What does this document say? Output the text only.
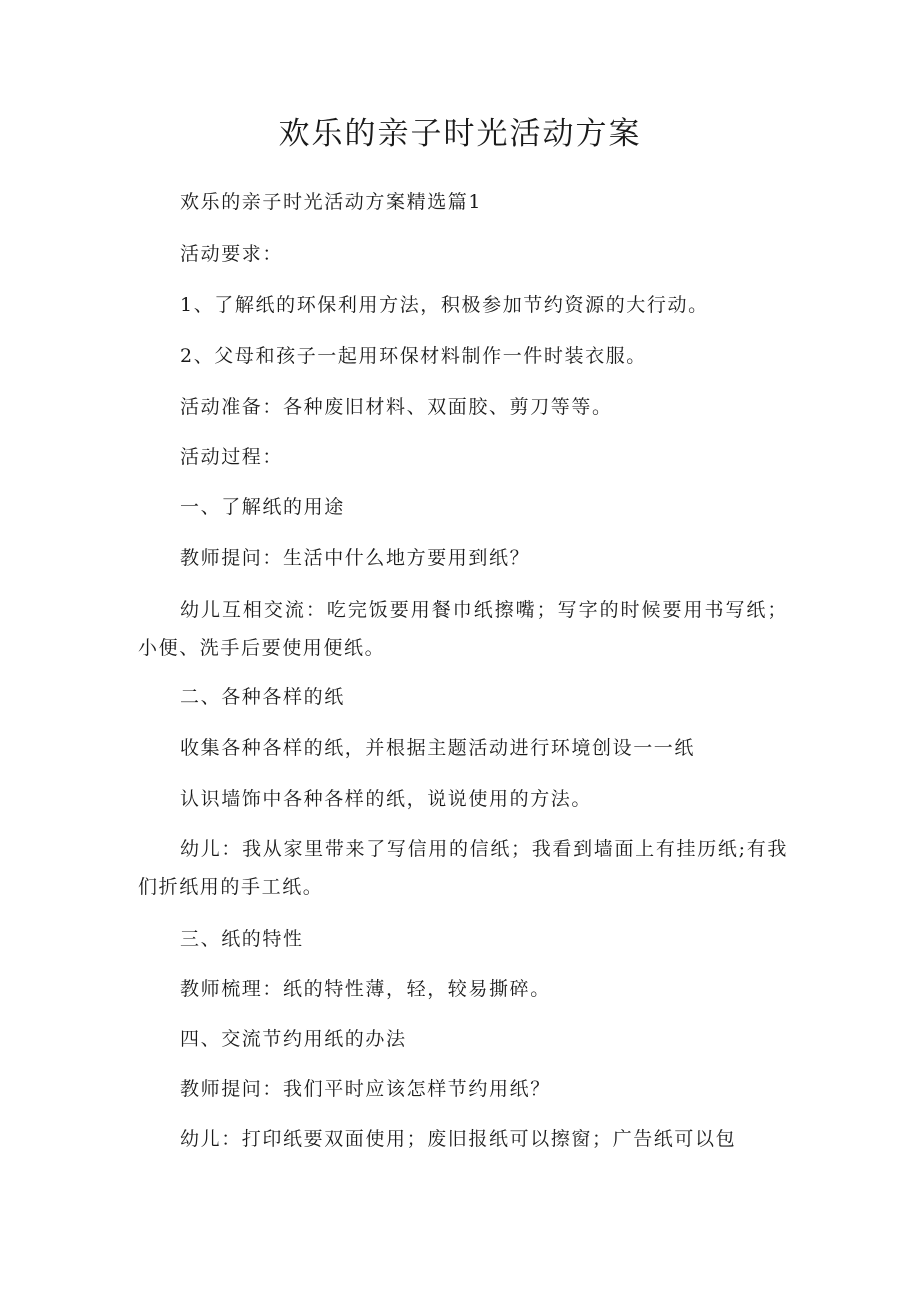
欢乐的亲子时光活动方案

欢乐的亲子时光活动方案精选篇1

活动要求：

1、了解纸的环保利用方法，积极参加节约资源的大行动。

2、父母和孩子一起用环保材料制作一件时装衣服。

活动准备：各种废旧材料、双面胶、剪刀等等。

活动过程：

一、了解纸的用途

教师提问：生活中什么地方要用到纸？

幼儿互相交流：吃完饭要用餐巾纸擦嘴；写字的时候要用书写纸；小便、洗手后要使用便纸。

二、各种各样的纸

收集各种各样的纸，并根据主题活动进行环境创设一一纸

认识墙饰中各种各样的纸，说说使用的方法。

幼儿：我从家里带来了写信用的信纸；我看到墙面上有挂历纸;有我们折纸用的手工纸。

三、纸的特性

教师梳理：纸的特性薄，轻，较易撕碎。

四、交流节约用纸的办法

教师提问：我们平时应该怎样节约用纸？

幼儿：打印纸要双面使用；废旧报纸可以擦窗；广告纸可以包
